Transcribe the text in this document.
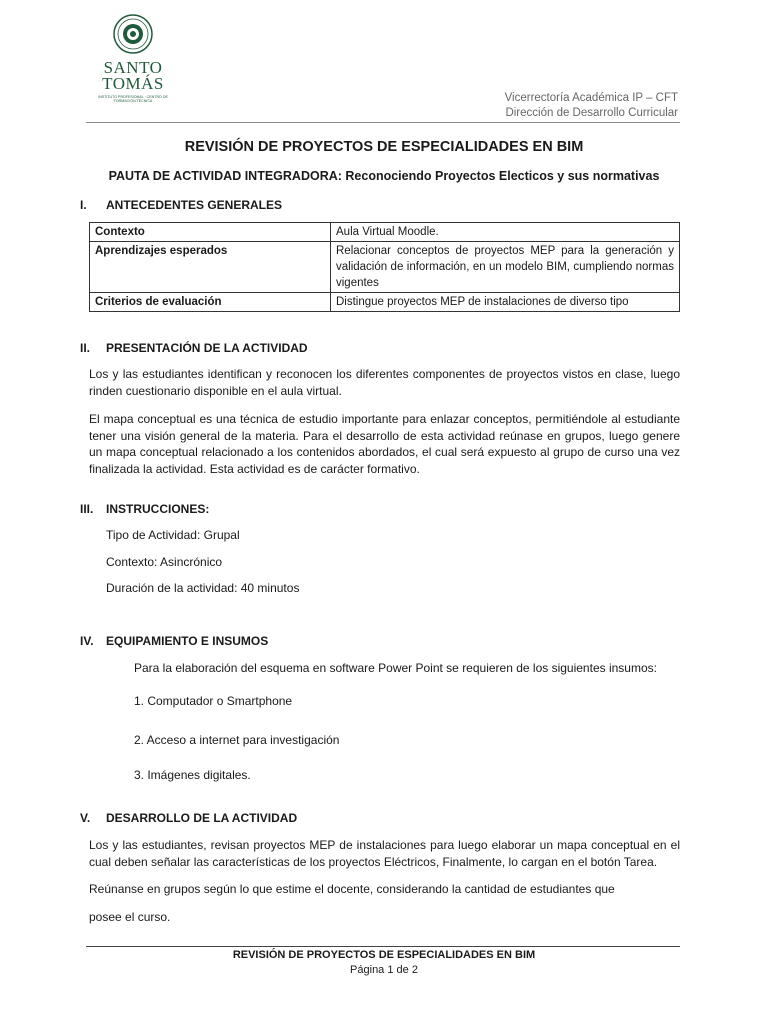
SANTO
TOMÁS
INSTITUTO PROFESIONAL · CENTRO DE FORMACIÓN TÉCNICA	Vicerrectoría Académica IP – CFT
Dirección de Desarrollo Curricular
REVISIÓN DE PROYECTOS DE ESPECIALIDADES EN BIM
PAUTA DE ACTIVIDAD INTEGRADORA: Reconociendo Proyectos Electicos y sus normativas
I.	ANTECEDENTES GENERALES
Contexto	Aula Virtual Moodle.
Aprendizajes esperados	Relacionar conceptos de proyectos MEP para la generación y validación de información, en un modelo BIM, cumpliendo normas vigentes
Criterios de evaluación	Distingue proyectos MEP de instalaciones de diverso tipo
II.	PRESENTACIÓN DE LA ACTIVIDAD
Los y las estudiantes identifican y reconocen los diferentes componentes de proyectos vistos en clase, luego rinden cuestionario disponible en el aula virtual.
El mapa conceptual es una técnica de estudio importante para enlazar conceptos, permitiéndole al estudiante tener una visión general de la materia. Para el desarrollo de esta actividad reúnase en grupos, luego genere un mapa conceptual relacionado a los contenidos abordados, el cual será expuesto al grupo de curso una vez finalizada la actividad. Esta actividad es de carácter formativo.
III.	INSTRUCCIONES:
Tipo de Actividad: Grupal
Contexto: Asincrónico
Duración de la actividad: 40 minutos
IV.	EQUIPAMIENTO E INSUMOS
Para la elaboración del esquema en software Power Point se requieren de los siguientes insumos:
1. Computador o Smartphone
2. Acceso a internet para investigación
3. Imágenes digitales.
V.	DESARROLLO DE LA ACTIVIDAD
Los y las estudiantes, revisan proyectos MEP de instalaciones para luego elaborar un mapa conceptual en el cual deben señalar las características de los proyectos Eléctricos, Finalmente, lo cargan en el botón Tarea.
Reúnanse en grupos según lo que estime el docente, considerando la cantidad de estudiantes que
posee el curso.
REVISIÓN DE PROYECTOS DE ESPECIALIDADES EN BIM
Página 1 de 2
